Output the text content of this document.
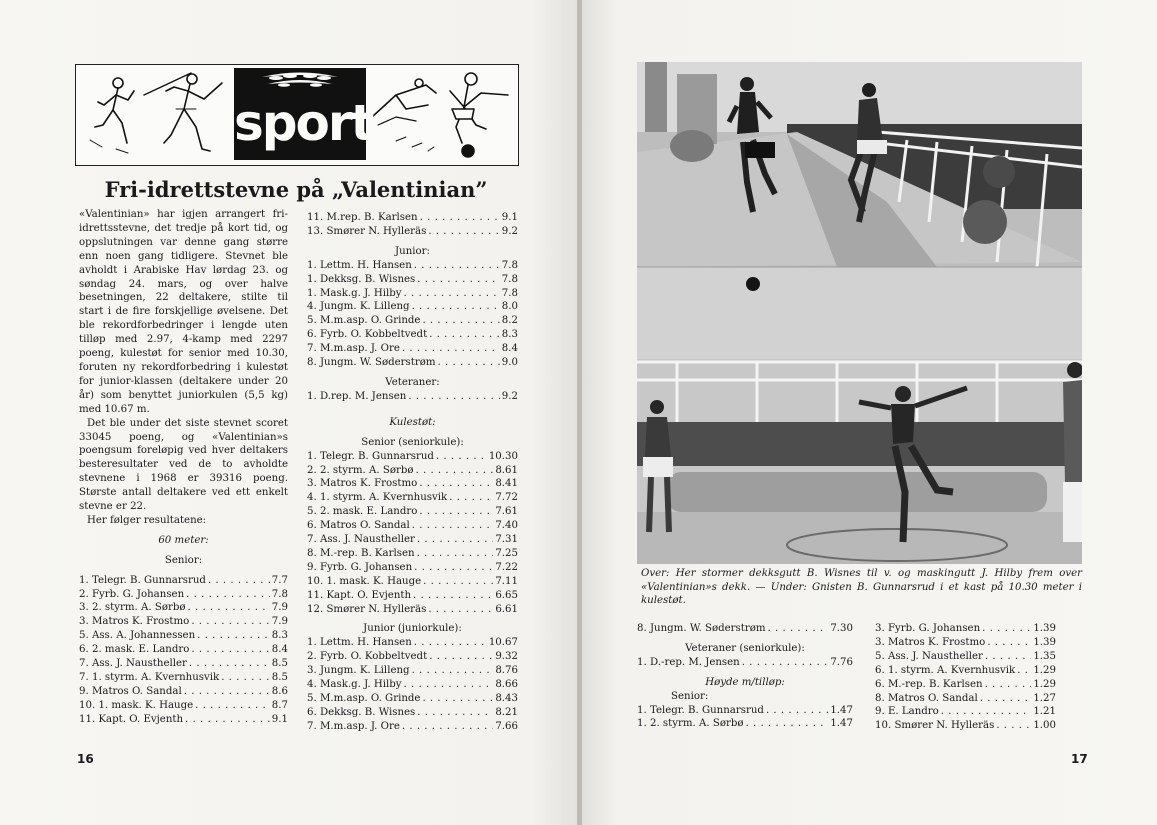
sport
Fri-idrettstevne på „Valentinian”
«Valentinian» har igjen arrangert fri-idrettsstevne, det tredje på kort tid, og oppslutningen var denne gang større enn noen gang tidligere. Stevnet ble avholdt i Arabiske Hav lørdag 23. og søndag 24. mars, og over halve besetningen, 22 deltakere, stilte til start i de fire forskjellige øvelsene. Det ble rekordforbedringer i lengde uten tilløp med 2.97, 4-kamp med 2297 poeng, kulestøt for senior med 10.30, foruten ny rekordforbedring i kulestøt for junior-klassen (deltakere under 20 år) som benyttet juniorkulen (5,5 kg) med 10.67 m.
Det ble under det siste stevnet scoret 33045 poeng, og «Valentinian»s poengsum foreløpig ved hver deltakers besteresultater ved de to avholdte stevnene i 1968 er 39316 poeng. Største antall deltakere ved ett enkelt stevne er 22.
Her følger resultatene:
60 meter:
Senior:
1. Telegr. B. Gunnarsrud . . .	7.7
2. Fyrb. G. Johansen . . .	7.8
3. 2. styrm. A. Sørbø . . .	7.9
3. Matros K. Frostmo . . .	7.9
5. Ass. A. Johannessen . . .	8.3
6. 2. mask. E. Landro . . .	8.4
7. Ass. J. Naustheller . . .	8.5
7. 1. styrm. A. Kvernhusvik . . .	8.5
9. Matros O. Sandal . . .	8.6
10. 1. mask. K. Hauge . . .	8.7
11. Kapt. O. Evjenth . . .	9.1
11. M.rep. B. Karlsen . . .	9.1
13. Smører N. Hylleräs . . .	9.2
Junior:
1. Lettm. H. Hansen . . .	7.8
1. Dekksg. B. Wisnes . . .	7.8
1. Mask.g. J. Hilby . . .	7.8
4. Jungm. K. Lilleng . . .	8.0
5. M.m.asp. O. Grinde . . .	8.2
6. Fyrb. O. Kobbeltvedt . . .	8.3
7. M.m.asp. J. Ore . . .	8.4
8. Jungm. W. Søderstrøm . . .	9.0
Veteraner:
1. D.rep. M. Jensen . . .	9.2
Kulestøt:
Senior (seniorkule):
1. Telegr. B. Gunnarsrud . . .	10.30
2. 2. styrm. A. Sørbø . . .	8.61
3. Matros K. Frostmo . . .	8.41
4. 1. styrm. A. Kvernhusvik . . .	7.72
5. 2. mask. E. Landro . . .	7.61
6. Matros O. Sandal . . .	7.40
7. Ass. J. Naustheller . . .	7.31
8. M.-rep. B. Karlsen . . .	7.25
9. Fyrb. G. Johansen . . .	7.22
10. 1. mask. K. Hauge . . .	7.11
11. Kapt. O. Evjenth . . .	6.65
12. Smører N. Hylleräs . . .	6.61
Junior (juniorkule):
1. Lettm. H. Hansen . . .	10.67
2. Fyrb. O. Kobbeltvedt . . .	9.32
3. Jungm. K. Lilleng . . .	8.76
4. Mask.g. J. Hilby . . .	8.66
5. M.m.asp. O. Grinde . . .	8.43
6. Dekksg. B. Wisnes . . .	8.21
7. M.m.asp. J. Ore . . .	7.66
16
Over: Her stormer dekksgutt B. Wisnes til v. og maskingutt J. Hilby frem over «Valentinian»s dekk. — Under: Gnisten B. Gunnarsrud i et kast på 10.30 meter i kulestøt.
8. Jungm. W. Søderstrøm . . .	7.30
Veteraner (seniorkule):
1. D.-rep. M. Jensen . . .	7.76
Høyde m/tilløp:
Senior:
1. Telegr. B. Gunnarsrud . . .	1.47
1. 2. styrm. A. Sørbø . . .	1.47
3. Fyrb. G. Johansen . . .	1.39
3. Matros K. Frostmo . . .	1.39
5. Ass. J. Naustheller . . .	1.35
6. 1. styrm. A. Kvernhusvik . . . 1.29
6. M.-rep. B. Karlsen . . .	1.29
8. Matros O. Sandal . . .	1.27
9. E. Landro . . .	1.21
10. Smører N. Hylleräs . . .	1.00
17
